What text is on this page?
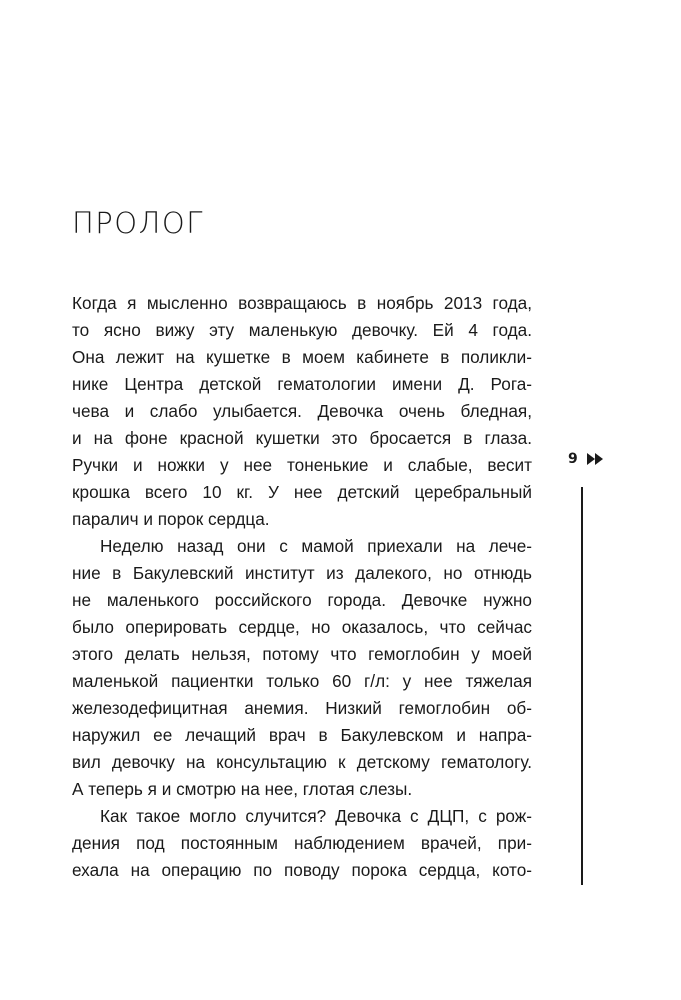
ПРОЛОГ
Когда я мысленно возвращаюсь в ноябрь 2013 года,
то ясно вижу эту маленькую девочку. Ей 4 года.
Она лежит на кушетке в моем кабинете в поликли-
нике Центра детской гематологии имени Д. Рога-
чева и слабо улыбается. Девочка очень бледная,
и на фоне красной кушетки это бросается в глаза.
Ручки и ножки у нее тоненькие и слабые, весит
крошка всего 10 кг. У нее детский церебральный
паралич и порок сердца.
Неделю назад они с мамой приехали на лече-
ние в Бакулевский институт из далекого, но отнюдь
не маленького российского города. Девочке нужно
было оперировать сердце, но оказалось, что сейчас
этого делать нельзя, потому что гемоглобин у моей
маленькой пациентки только 60 г/л: у нее тяжелая
железодефицитная анемия. Низкий гемоглобин об-
наружил ее лечащий врач в Бакулевском и напра-
вил девочку на консультацию к детскому гематологу.
А теперь я и смотрю на нее, глотая слезы.
Как такое могло случится? Девочка с ДЦП, с рож-
дения под постоянным наблюдением врачей, при-
ехала на операцию по поводу порока сердца, кото-
9
